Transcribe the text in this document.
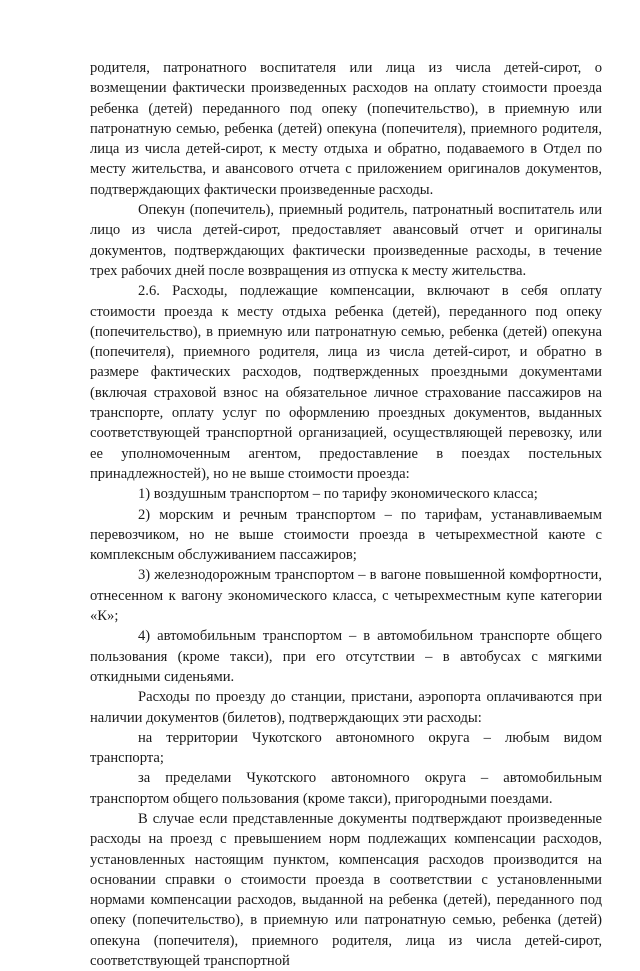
родителя, патронатного воспитателя или лица из числа детей-сирот, о возмещении фактически произведенных расходов на оплату стоимости проезда ребенка (детей) переданного под опеку (попечительство), в приемную или патронатную семью, ребенка (детей) опекуна (попечителя), приемного родителя, лица из числа детей-сирот, к месту отдыха и обратно, подаваемого в Отдел по месту жительства, и авансового отчета с приложением оригиналов документов, подтверждающих фактически произведенные расходы.

Опекун (попечитель), приемный родитель, патронатный воспитатель или лицо из числа детей-сирот, предоставляет авансовый отчет и оригиналы документов, подтверждающих фактически произведенные расходы, в течение трех рабочих дней после возвращения из отпуска к месту жительства.

2.6. Расходы, подлежащие компенсации, включают в себя оплату стоимости проезда к месту отдыха ребенка (детей), переданного под опеку (попечительство), в приемную или патронатную семью, ребенка (детей) опекуна (попечителя), приемного родителя, лица из числа детей-сирот, и обратно в размере фактических расходов, подтвержденных проездными документами (включая страховой взнос на обязательное личное страхование пассажиров на транспорте, оплату услуг по оформлению проездных документов, выданных соответствующей транспортной организацией, осуществляющей перевозку, или ее уполномоченным агентом, предоставление в поездах постельных принадлежностей), но не выше стоимости проезда:

1) воздушным транспортом – по тарифу экономического класса;

2) морским и речным транспортом – по тарифам, устанавливаемым перевозчиком, но не выше стоимости проезда в четырехместной каюте с комплексным обслуживанием пассажиров;

3) железнодорожным транспортом – в вагоне повышенной комфортности, отнесенном к вагону экономического класса, с четырехместным купе категории «К»;

4) автомобильным транспортом – в автомобильном транспорте общего пользования (кроме такси), при его отсутствии – в автобусах с мягкими откидными сиденьями.

Расходы по проезду до станции, пристани, аэропорта оплачиваются при наличии документов (билетов), подтверждающих эти расходы:

на территории Чукотского автономного округа – любым видом транспорта;

за пределами Чукотского автономного округа – автомобильным транспортом общего пользования (кроме такси), пригородными поездами.

В случае если представленные документы подтверждают произведенные расходы на проезд с превышением норм подлежащих компенсации расходов, установленных настоящим пунктом, компенсация расходов производится на основании справки о стоимости проезда в соответствии с установленными нормами компенсации расходов, выданной на ребенка (детей), переданного под опеку (попечительство), в приемную или патронатную семью, ребенка (детей) опекуна (попечителя), приемного родителя, лица из числа детей-сирот, соответствующей транспортной
